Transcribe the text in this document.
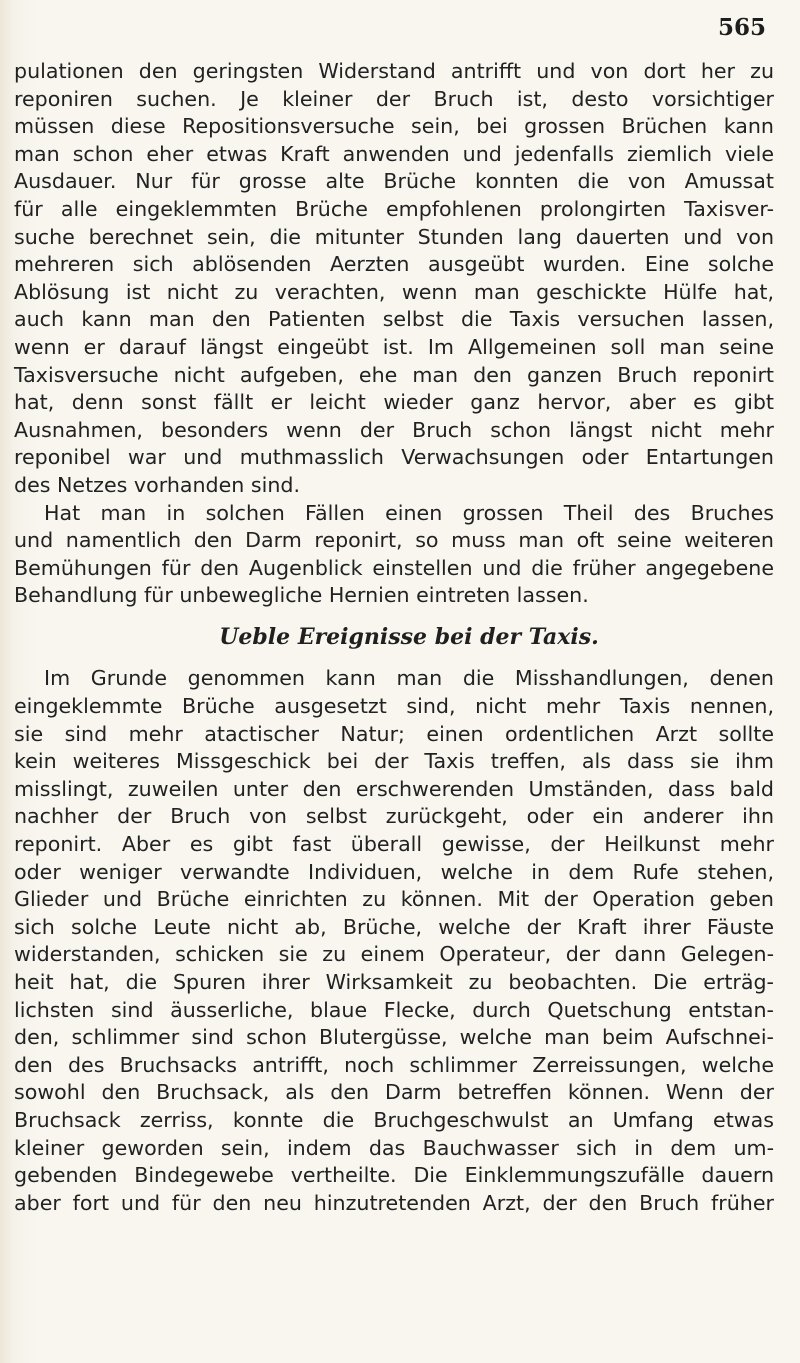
565
pulationen den geringsten Widerstand antrifft und von dort her zu
reponiren suchen. Je kleiner der Bruch ist, desto vorsichtiger
müssen diese Repositionsversuche sein, bei grossen Brüchen kann
man schon eher etwas Kraft anwenden und jedenfalls ziemlich viele
Ausdauer. Nur für grosse alte Brüche konnten die von Amussat
für alle eingeklemmten Brüche empfohlenen prolongirten Taxisver-
suche berechnet sein, die mitunter Stunden lang dauerten und von
mehreren sich ablösenden Aerzten ausgeübt wurden. Eine solche
Ablösung ist nicht zu verachten, wenn man geschickte Hülfe hat,
auch kann man den Patienten selbst die Taxis versuchen lassen,
wenn er darauf längst eingeübt ist. Im Allgemeinen soll man seine
Taxisversuche nicht aufgeben, ehe man den ganzen Bruch reponirt
hat, denn sonst fällt er leicht wieder ganz hervor, aber es gibt
Ausnahmen, besonders wenn der Bruch schon längst nicht mehr
reponibel war und muthmasslich Verwachsungen oder Entartungen
des Netzes vorhanden sind.
Hat man in solchen Fällen einen grossen Theil des Bruches
und namentlich den Darm reponirt, so muss man oft seine weiteren
Bemühungen für den Augenblick einstellen und die früher angegebene
Behandlung für unbewegliche Hernien eintreten lassen.
Ueble Ereignisse bei der Taxis.
Im Grunde genommen kann man die Misshandlungen, denen
eingeklemmte Brüche ausgesetzt sind, nicht mehr Taxis nennen,
sie sind mehr atactischer Natur; einen ordentlichen Arzt sollte
kein weiteres Missgeschick bei der Taxis treffen, als dass sie ihm
misslingt, zuweilen unter den erschwerenden Umständen, dass bald
nachher der Bruch von selbst zurückgeht, oder ein anderer ihn
reponirt. Aber es gibt fast überall gewisse, der Heilkunst mehr
oder weniger verwandte Individuen, welche in dem Rufe stehen,
Glieder und Brüche einrichten zu können. Mit der Operation geben
sich solche Leute nicht ab, Brüche, welche der Kraft ihrer Fäuste
widerstanden, schicken sie zu einem Operateur, der dann Gelegen-
heit hat, die Spuren ihrer Wirksamkeit zu beobachten. Die erträg-
lichsten sind äusserliche, blaue Flecke, durch Quetschung entstan-
den, schlimmer sind schon Blutergüsse, welche man beim Aufschnei-
den des Bruchsacks antrifft, noch schlimmer Zerreissungen, welche
sowohl den Bruchsack, als den Darm betreffen können. Wenn der
Bruchsack zerriss, konnte die Bruchgeschwulst an Umfang etwas
kleiner geworden sein, indem das Bauchwasser sich in dem um-
gebenden Bindegewebe vertheilte. Die Einklemmungszufälle dauern
aber fort und für den neu hinzutretenden Arzt, der den Bruch früher
